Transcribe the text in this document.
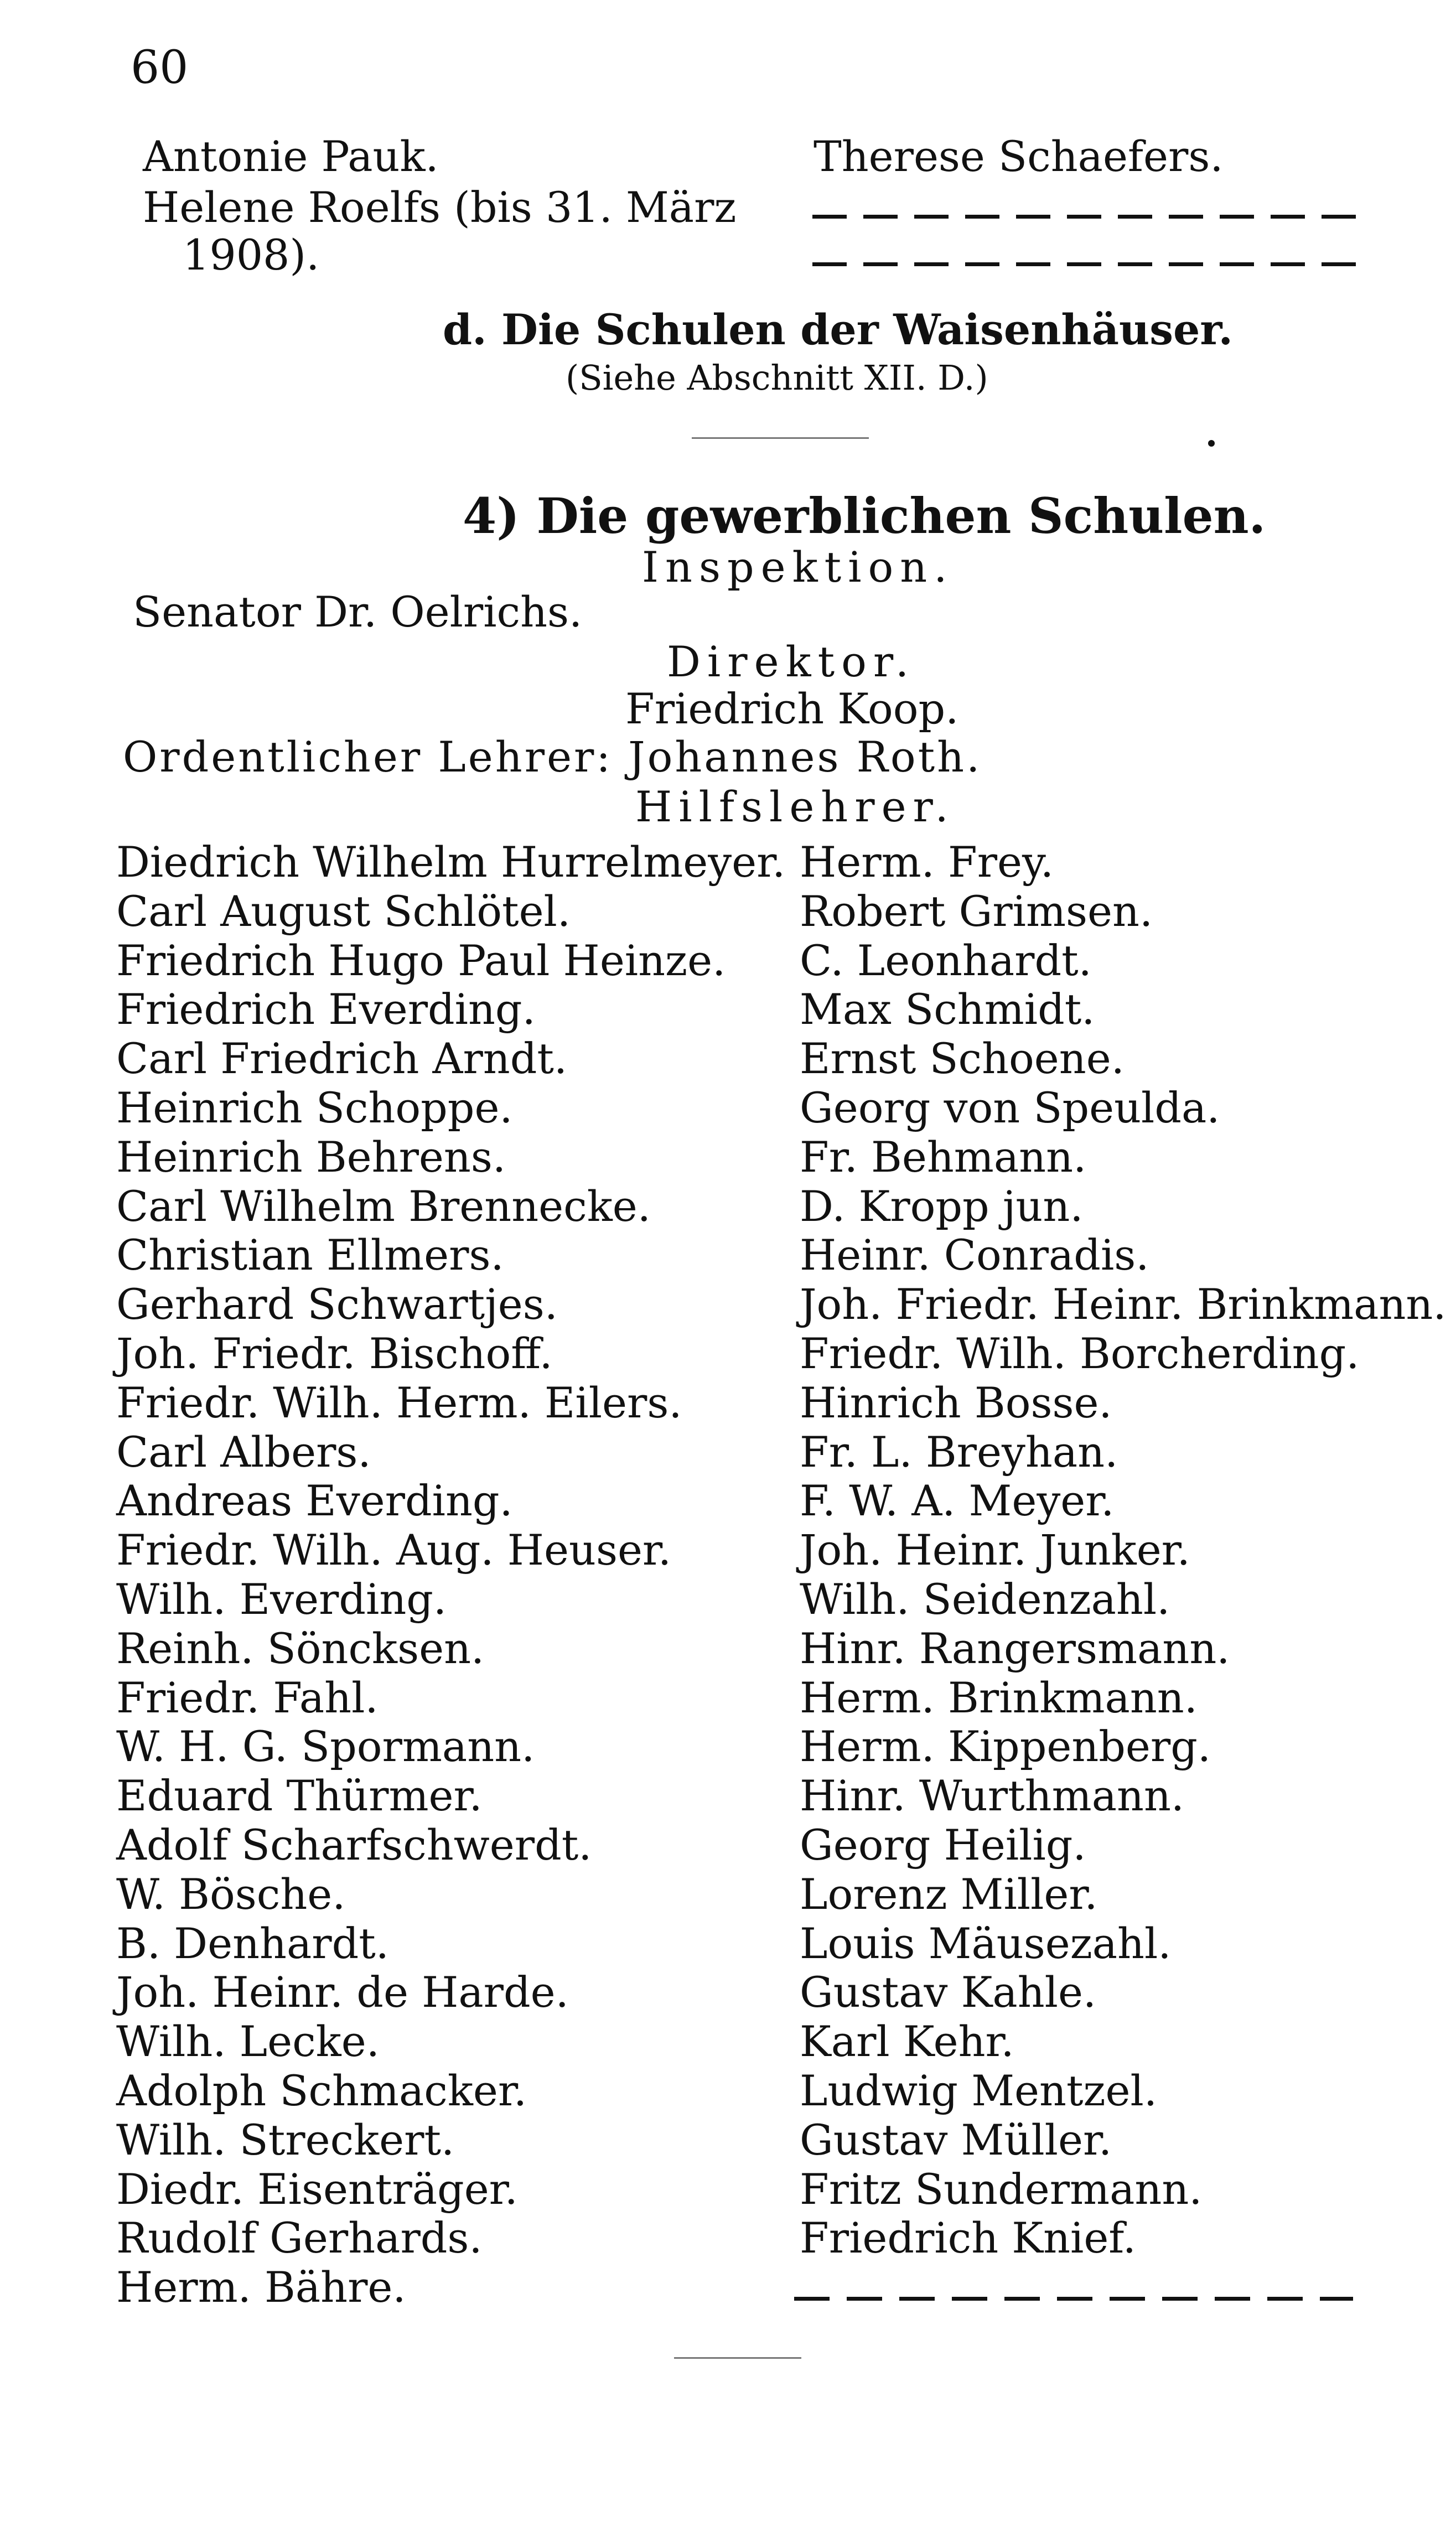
60
Antonie Pauk.
Helene Roelfs (bis 31. März
1908).
Therese Schaefers.
d. Die Schulen der Waisenhäuser.
(Siehe Abschnitt XII. D.)
4) Die gewerblichen Schulen.
Inspektion.
Senator Dr. Oelrichs.
Direktor.
Friedrich Koop.
Ordentlicher Lehrer: Johannes Roth.
Hilfslehrer.
Diedrich Wilhelm Hurrelmeyer.
Carl August Schlötel.
Friedrich Hugo Paul Heinze.
Friedrich Everding.
Carl Friedrich Arndt.
Heinrich Schoppe.
Heinrich Behrens.
Carl Wilhelm Brennecke.
Christian Ellmers.
Gerhard Schwartjes.
Joh. Friedr. Bischoff.
Friedr. Wilh. Herm. Eilers.
Carl Albers.
Andreas Everding.
Friedr. Wilh. Aug. Heuser.
Wilh. Everding.
Reinh. Söncksen.
Friedr. Fahl.
W. H. G. Spormann.
Eduard Thürmer.
Adolf Scharfschwerdt.
W. Bösche.
B. Denhardt.
Joh. Heinr. de Harde.
Wilh. Lecke.
Adolph Schmacker.
Wilh. Streckert.
Diedr. Eisenträger.
Rudolf Gerhards.
Herm. Bähre.
Herm. Frey.
Robert Grimsen.
C. Leonhardt.
Max Schmidt.
Ernst Schoene.
Georg von Speulda.
Fr. Behmann.
D. Kropp jun.
Heinr. Conradis.
Joh. Friedr. Heinr. Brinkmann.
Friedr. Wilh. Borcherding.
Hinrich Bosse.
Fr. L. Breyhan.
F. W. A. Meyer.
Joh. Heinr. Junker.
Wilh. Seidenzahl.
Hinr. Rangersmann.
Herm. Brinkmann.
Herm. Kippenberg.
Hinr. Wurthmann.
Georg Heilig.
Lorenz Miller.
Louis Mäusezahl.
Gustav Kahle.
Karl Kehr.
Ludwig Mentzel.
Gustav Müller.
Fritz Sundermann.
Friedrich Knief.
